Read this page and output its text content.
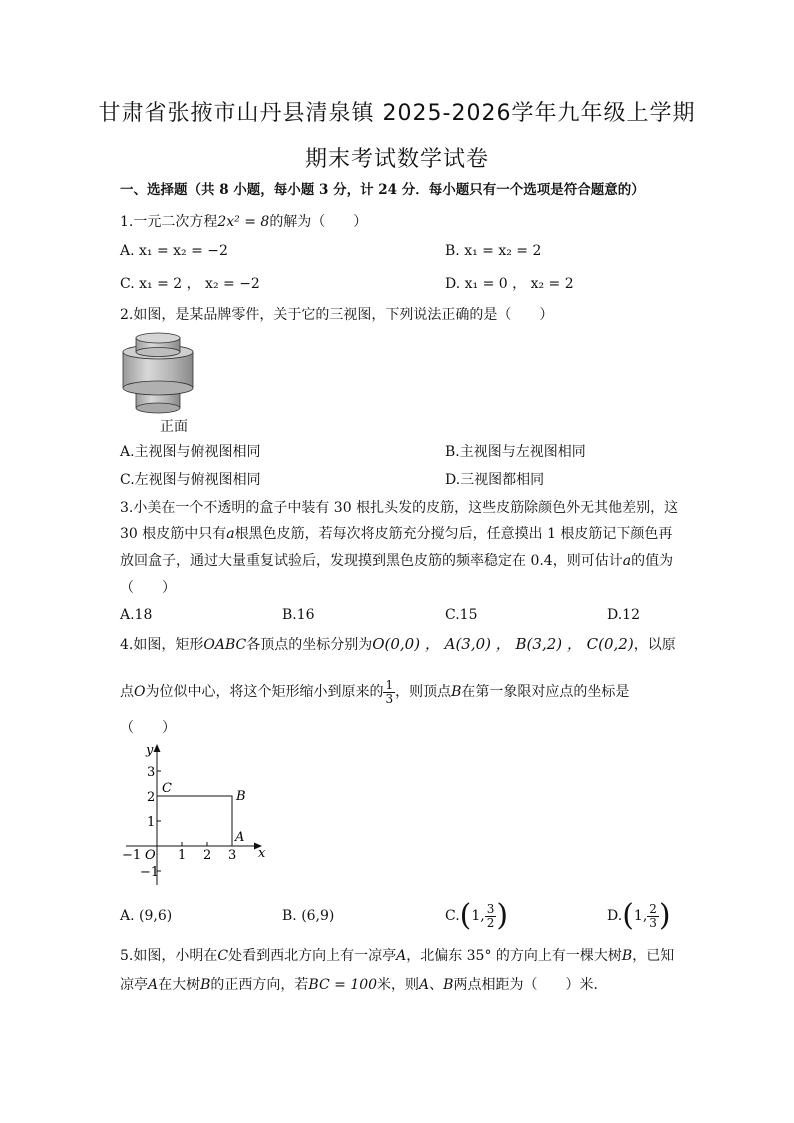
甘肃省张掖市山丹县清泉镇 2025-2026学年九年级上学期
期末考试数学试卷
一、选择题（共 8 小题，每小题 3 分，计 24 分．每小题只有一个选项是符合题意的）
1.一元二次方程2x² = 8的解为（　　）
A. x₁ = x₂ = −2	B. x₁ = x₂ = 2
C. x₁ = 2 ， x₂ = −2	D. x₁ = 0 ， x₂ = 2
2.如图，是某品牌零件，关于它的三视图，下列说法正确的是（　　）
正面
A.主视图与俯视图相同	B.主视图与左视图相同
C.左视图与俯视图相同	D.三视图都相同
3.小美在一个不透明的盒子中装有 30 根扎头发的皮筋，这些皮筋除颜色外无其他差别，这
30 根皮筋中只有a根黑色皮筋，若每次将皮筋充分搅匀后，任意摸出 1 根皮筋记下颜色再
放回盒子，通过大量重复试验后，发现摸到黑色皮筋的频率稳定在 0.4，则可估计a的值为
（　　）
A.18	B.16	C.15	D.12
4.如图，矩形OABC各顶点的坐标分别为O(0,0) ， A(3,0) ， B(3,2) ， C(0,2)，以原
点O为位似中心，将这个矩形缩小到原来的 $\frac{1}{3}$ ，则顶点B在第一象限对应点的坐标是
（　　）
y
x
O
C
B
A
−1	1 2 3
3
2
1
−1
A. (9,6)	B. (6,9)	C.(1, $\frac{3}{2}$ )	D.(1, $\frac{2}{3}$ )
5.如图，小明在C处看到西北方向上有一凉亭A，北偏东 35° 的方向上有一棵大树B，已知
凉亭A在大树B的正西方向，若BC = 100米，则A、B两点相距为（　　）米．
